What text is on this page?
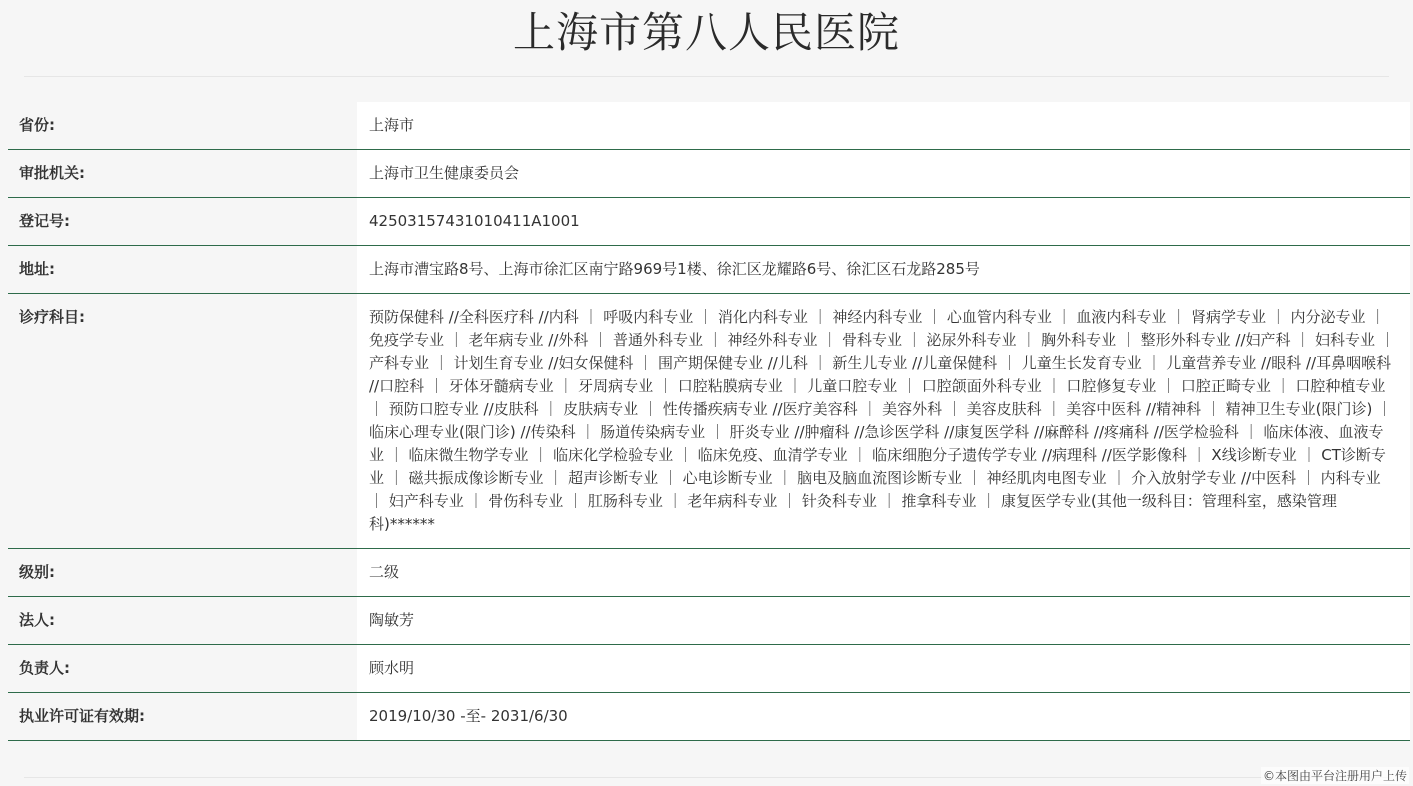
上海市第八人民医院
省份:	上海市
审批机关:	上海市卫生健康委员会
登记号:	42503157431010411A1001
地址:	上海市漕宝路8号、上海市徐汇区南宁路969号1楼、徐汇区龙耀路6号、徐汇区石龙路285号
诊疗科目:	预防保健科 //全科医疗科 //内科 ｜ 呼吸内科专业 ｜ 消化内科专业 ｜ 神经内科专业 ｜ 心血管内科专业 ｜ 血液内科专业 ｜ 肾病学专业 ｜ 内分泌专业 ｜ 免疫学专业 ｜ 老年病专业 //外科 ｜ 普通外科专业 ｜ 神经外科专业 ｜ 骨科专业 ｜ 泌尿外科专业 ｜ 胸外科专业 ｜ 整形外科专业 //妇产科 ｜ 妇科专业 ｜ 产科专业 ｜ 计划生育专业 //妇女保健科 ｜ 围产期保健专业 //儿科 ｜ 新生儿专业 //儿童保健科 ｜ 儿童生长发育专业 ｜ 儿童营养专业 //眼科 //耳鼻咽喉科 //口腔科 ｜ 牙体牙髓病专业 ｜ 牙周病专业 ｜ 口腔粘膜病专业 ｜ 儿童口腔专业 ｜ 口腔颌面外科专业 ｜ 口腔修复专业 ｜ 口腔正畸专业 ｜ 口腔种植专业 ｜ 预防口腔专业 //皮肤科 ｜ 皮肤病专业 ｜ 性传播疾病专业 //医疗美容科 ｜ 美容外科 ｜ 美容皮肤科 ｜ 美容中医科 //精神科 ｜ 精神卫生专业(限门诊) ｜ 临床心理专业(限门诊) //传染科 ｜ 肠道传染病专业 ｜ 肝炎专业 //肿瘤科 //急诊医学科 //康复医学科 //麻醉科 //疼痛科 //医学检验科 ｜ 临床体液、血液专业 ｜ 临床微生物学专业 ｜ 临床化学检验专业 ｜ 临床免疫、血清学专业 ｜ 临床细胞分子遗传学专业 //病理科 //医学影像科 ｜ X线诊断专业 ｜ CT诊断专业 ｜ 磁共振成像诊断专业 ｜ 超声诊断专业 ｜ 心电诊断专业 ｜ 脑电及脑血流图诊断专业 ｜ 神经肌肉电图专业 ｜ 介入放射学专业 //中医科 ｜ 内科专业 ｜ 妇产科专业 ｜ 骨伤科专业 ｜ 肛肠科专业 ｜ 老年病科专业 ｜ 针灸科专业 ｜ 推拿科专业 ｜ 康复医学专业(其他一级科目：管理科室，感染管理科)******
级别:	二级
法人:	陶敏芳
负责人:	顾水明
执业许可证有效期:	2019/10/30 -至- 2031/6/30
©本图由平台注册用户上传
